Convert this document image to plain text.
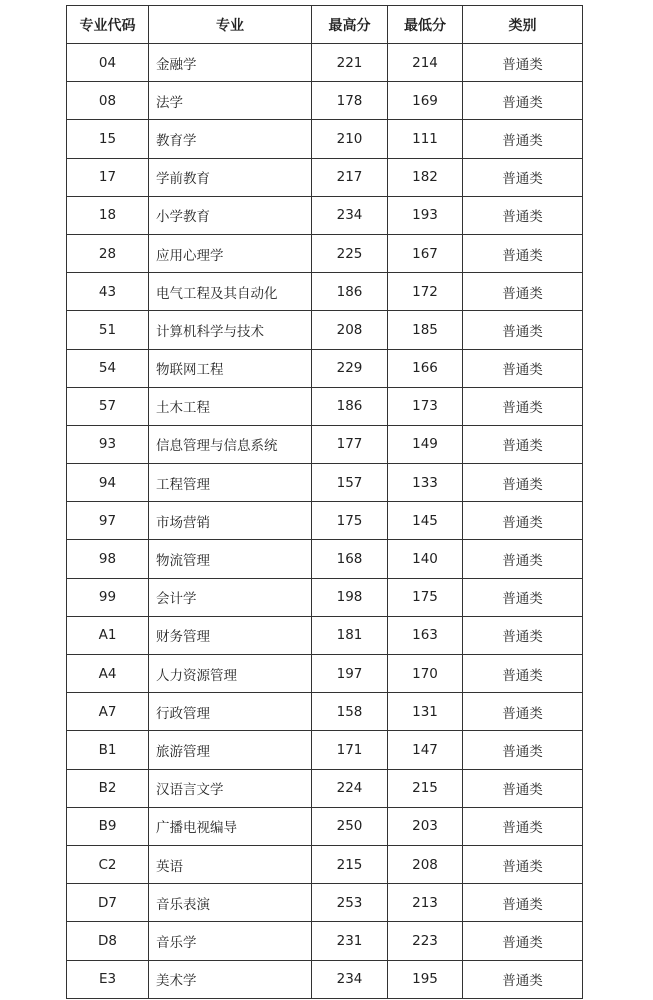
专业代码	专业	最高分	最低分	类别
04	金融学	221	214	普通类
08	法学	178	169	普通类
15	教育学	210	111	普通类
17	学前教育	217	182	普通类
18	小学教育	234	193	普通类
28	应用心理学	225	167	普通类
43	电气工程及其自动化	186	172	普通类
51	计算机科学与技术	208	185	普通类
54	物联网工程	229	166	普通类
57	土木工程	186	173	普通类
93	信息管理与信息系统	177	149	普通类
94	工程管理	157	133	普通类
97	市场营销	175	145	普通类
98	物流管理	168	140	普通类
99	会计学	198	175	普通类
A1	财务管理	181	163	普通类
A4	人力资源管理	197	170	普通类
A7	行政管理	158	131	普通类
B1	旅游管理	171	147	普通类
B2	汉语言文学	224	215	普通类
B9	广播电视编导	250	203	普通类
C2	英语	215	208	普通类
D7	音乐表演	253	213	普通类
D8	音乐学	231	223	普通类
E3	美术学	234	195	普通类
